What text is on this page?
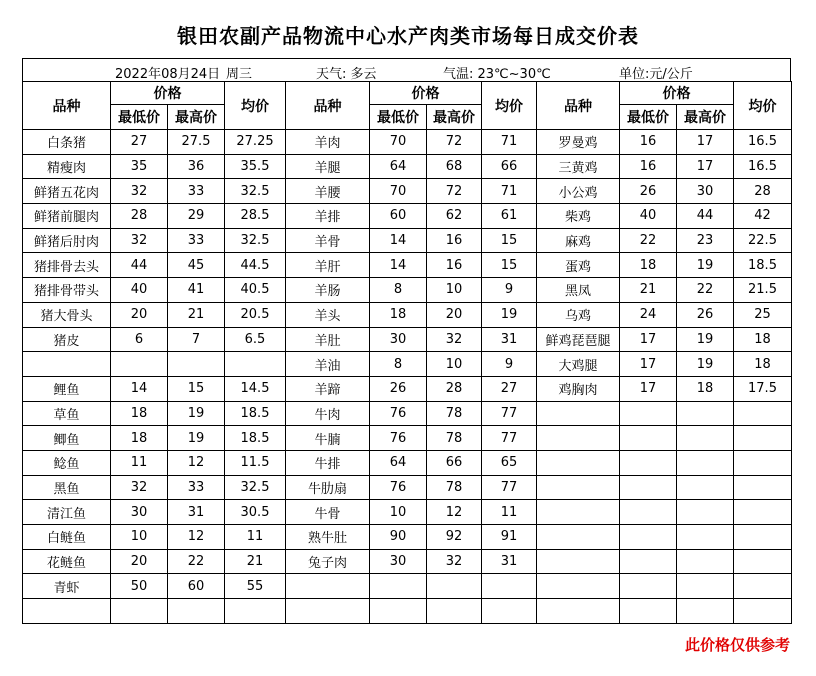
银田农副产品物流中心水产肉类市场每日成交价表
2022年08月24日 周三	天气: 多云	气温: 23℃~30℃	单位:元/公斤
品种	价格		均价	品种	价格		均价	品种	价格		均价
	最低价	最高价			最低价	最高价			最低价	最高价	
白条猪	27	27.5	27.25	羊肉	70	72	71	罗曼鸡	16	17	16.5
精瘦肉	35	36	35.5	羊腿	64	68	66	三黄鸡	16	17	16.5
鲜猪五花肉	32	33	32.5	羊腰	70	72	71	小公鸡	26	30	28
鲜猪前腿肉	28	29	28.5	羊排	60	62	61	柴鸡	40	44	42
鲜猪后肘肉	32	33	32.5	羊骨	14	16	15	麻鸡	22	23	22.5
猪排骨去头	44	45	44.5	羊肝	14	16	15	蛋鸡	18	19	18.5
猪排骨带头	40	41	40.5	羊肠	8	10	9	黑凤	21	22	21.5
猪大骨头	20	21	20.5	羊头	18	20	19	乌鸡	24	26	25
猪皮	6	7	6.5	羊肚	30	32	31	鲜鸡琵琶腿	17	19	18
				羊油	8	10	9	大鸡腿	17	19	18
鲤鱼	14	15	14.5	羊蹄	26	28	27	鸡胸肉	17	18	17.5
草鱼	18	19	18.5	牛肉	76	78	77				
鲫鱼	18	19	18.5	牛腩	76	78	77				
鲶鱼	11	12	11.5	牛排	64	66	65				
黑鱼	32	33	32.5	牛肋扇	76	78	77				
清江鱼	30	31	30.5	牛骨	10	12	11				
白鲢鱼	10	12	11	熟牛肚	90	92	91				
花鲢鱼	20	22	21	兔子肉	30	32	31				
青虾	50	60	55								

此价格仅供参考
